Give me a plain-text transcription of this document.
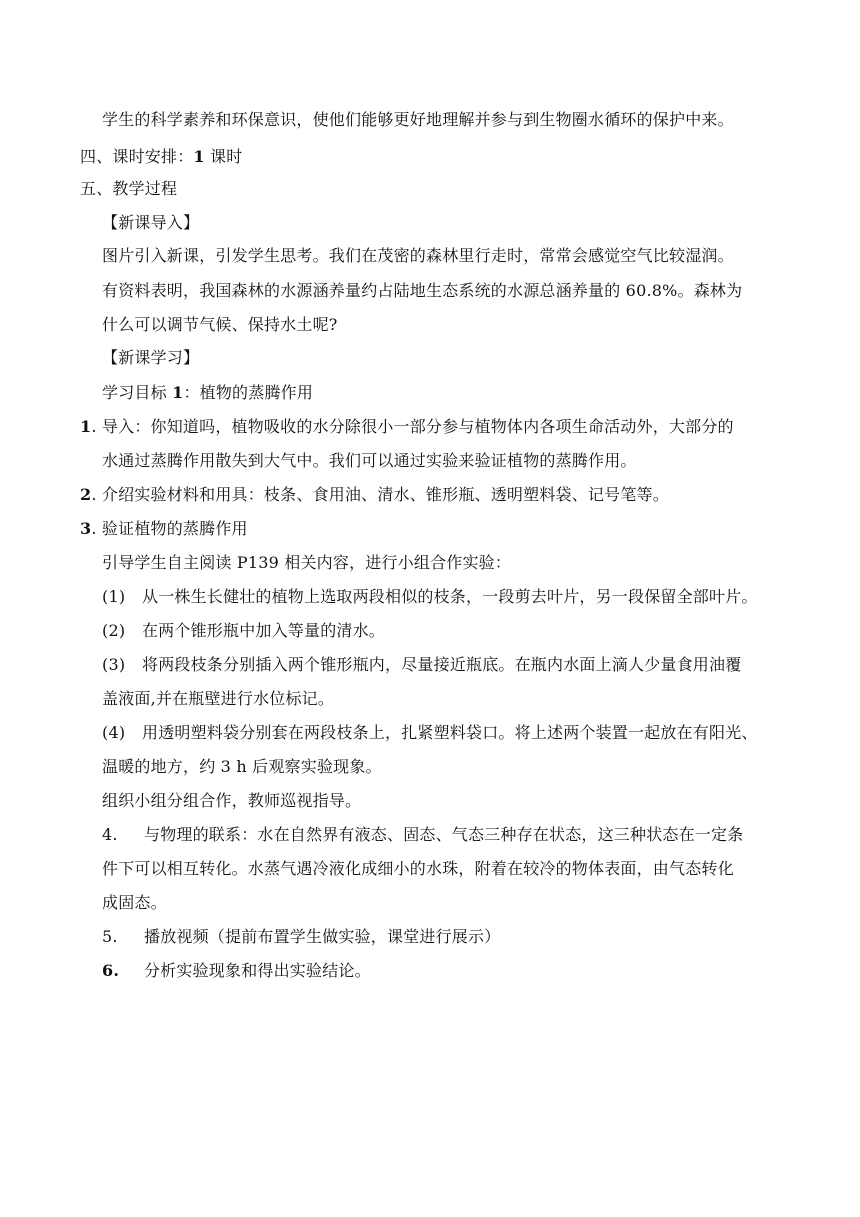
学生的科学素养和环保意识，使他们能够更好地理解并参与到生物圈水循环的保护中来。
四、课时安排：1 课时
五、教学过程
【新课导入】
图片引入新课，引发学生思考。我们在茂密的森林里行走时，常常会感觉空气比较湿润。
有资料表明，我国森林的水源涵养量约占陆地生态系统的水源总涵养量的 60.8%。森林为
什么可以调节气候、保持水土呢?
【新课学习】
学习目标 1：植物的蒸腾作用
1. 导入：你知道吗，植物吸收的水分除很小一部分参与植物体内各项生命活动外，大部分的
水通过蒸腾作用散失到大气中。我们可以通过实验来验证植物的蒸腾作用。
2. 介绍实验材料和用具：枝条、食用油、清水、锥形瓶、透明塑料袋、记号笔等。
3. 验证植物的蒸腾作用
引导学生自主阅读 P139 相关内容，进行小组合作实验：
(1) 从一株生长健壮的植物上选取两段相似的枝条，一段剪去叶片，另一段保留全部叶片。
(2) 在两个锥形瓶中加入等量的清水。
(3) 将两段枝条分别插入两个锥形瓶内，尽量接近瓶底。在瓶内水面上滴人少量食用油覆
盖液面,并在瓶壁进行水位标记。
(4) 用透明塑料袋分别套在两段枝条上，扎紧塑料袋口。将上述两个装置一起放在有阳光、
温暖的地方，约 3 h 后观察实验现象。
组织小组分组合作，教师巡视指导。
4. 与物理的联系：水在自然界有液态、固态、气态三种存在状态，这三种状态在一定条
件下可以相互转化。水蒸气遇冷液化成细小的水珠，附着在较冷的物体表面，由气态转化
成固态。
5. 播放视频（提前布置学生做实验，课堂进行展示）
6. 分析实验现象和得出实验结论。
